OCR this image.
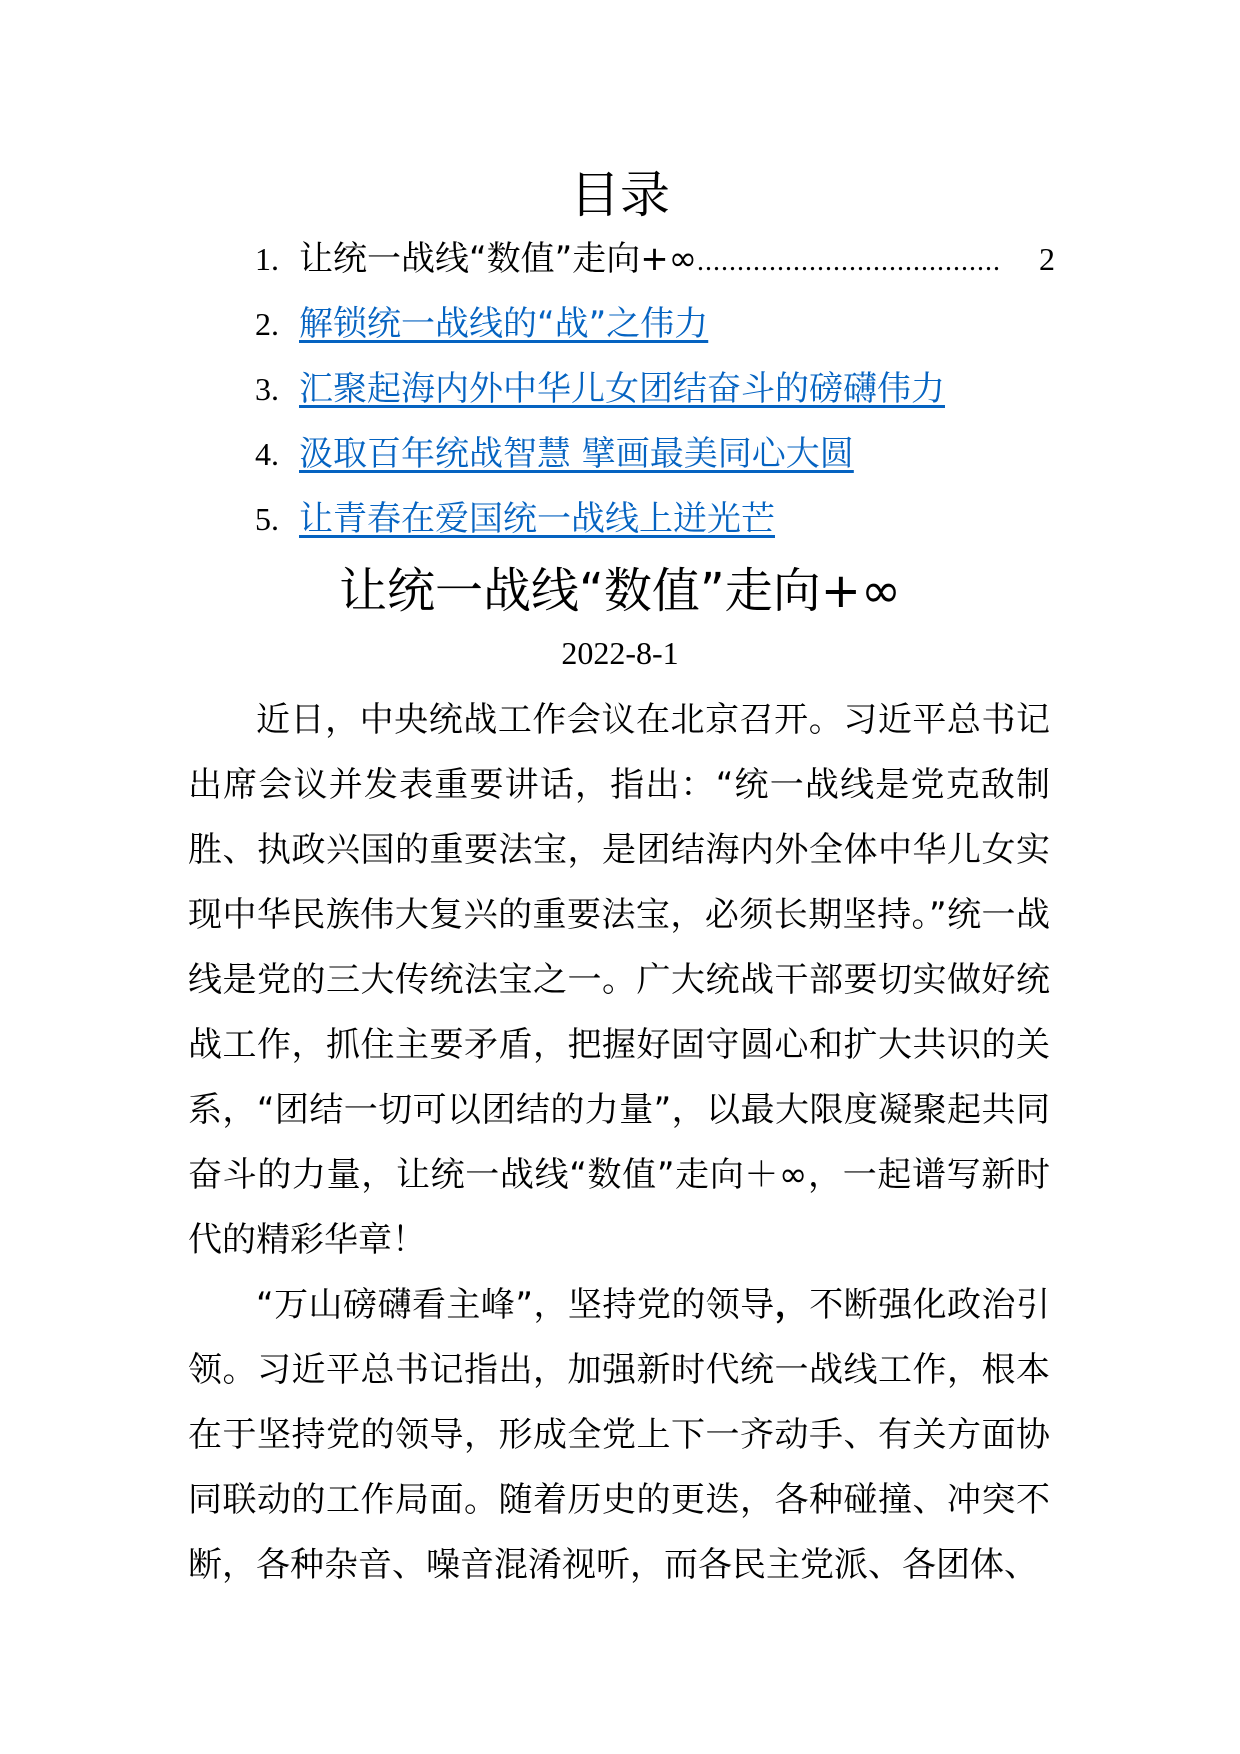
目录
1. 让统一战线“数值”走向+∞ ......................................	2
2. 解锁统一战线的“战”之伟力
3. 汇聚起海内外中华儿女团结奋斗的磅礴伟力
4. 汲取百年统战智慧 擘画最美同心大圆
5. 让青春在爱国统一战线上迸光芒
让统一战线“数值”走向+∞
2022-8-1

近日，中央统战工作会议在北京召开。习近平总书记出席会议并发表重要讲话，指出：“统一战线是党克敌制胜、执政兴国的重要法宝，是团结海内外全体中华儿女实现中华民族伟大复兴的重要法宝，必须长期坚持。”统一战线是党的三大传统法宝之一。广大统战干部要切实做好统战工作，抓住主要矛盾，把握好固守圆心和扩大共识的关系，“团结一切可以团结的力量”，以最大限度凝聚起共同奋斗的力量，让统一战线“数值”走向＋∞，一起谱写新时代的精彩华章！

“万山磅礴看主峰”，坚持党的领导，不断强化政治引领。习近平总书记指出，加强新时代统一战线工作，根本在于坚持党的领导，形成全党上下一齐动手、有关方面协同联动的工作局面。随着历史的更迭，各种碰撞、冲突不断，各种杂音、噪音混淆视听，而各民主党派、各团体、
